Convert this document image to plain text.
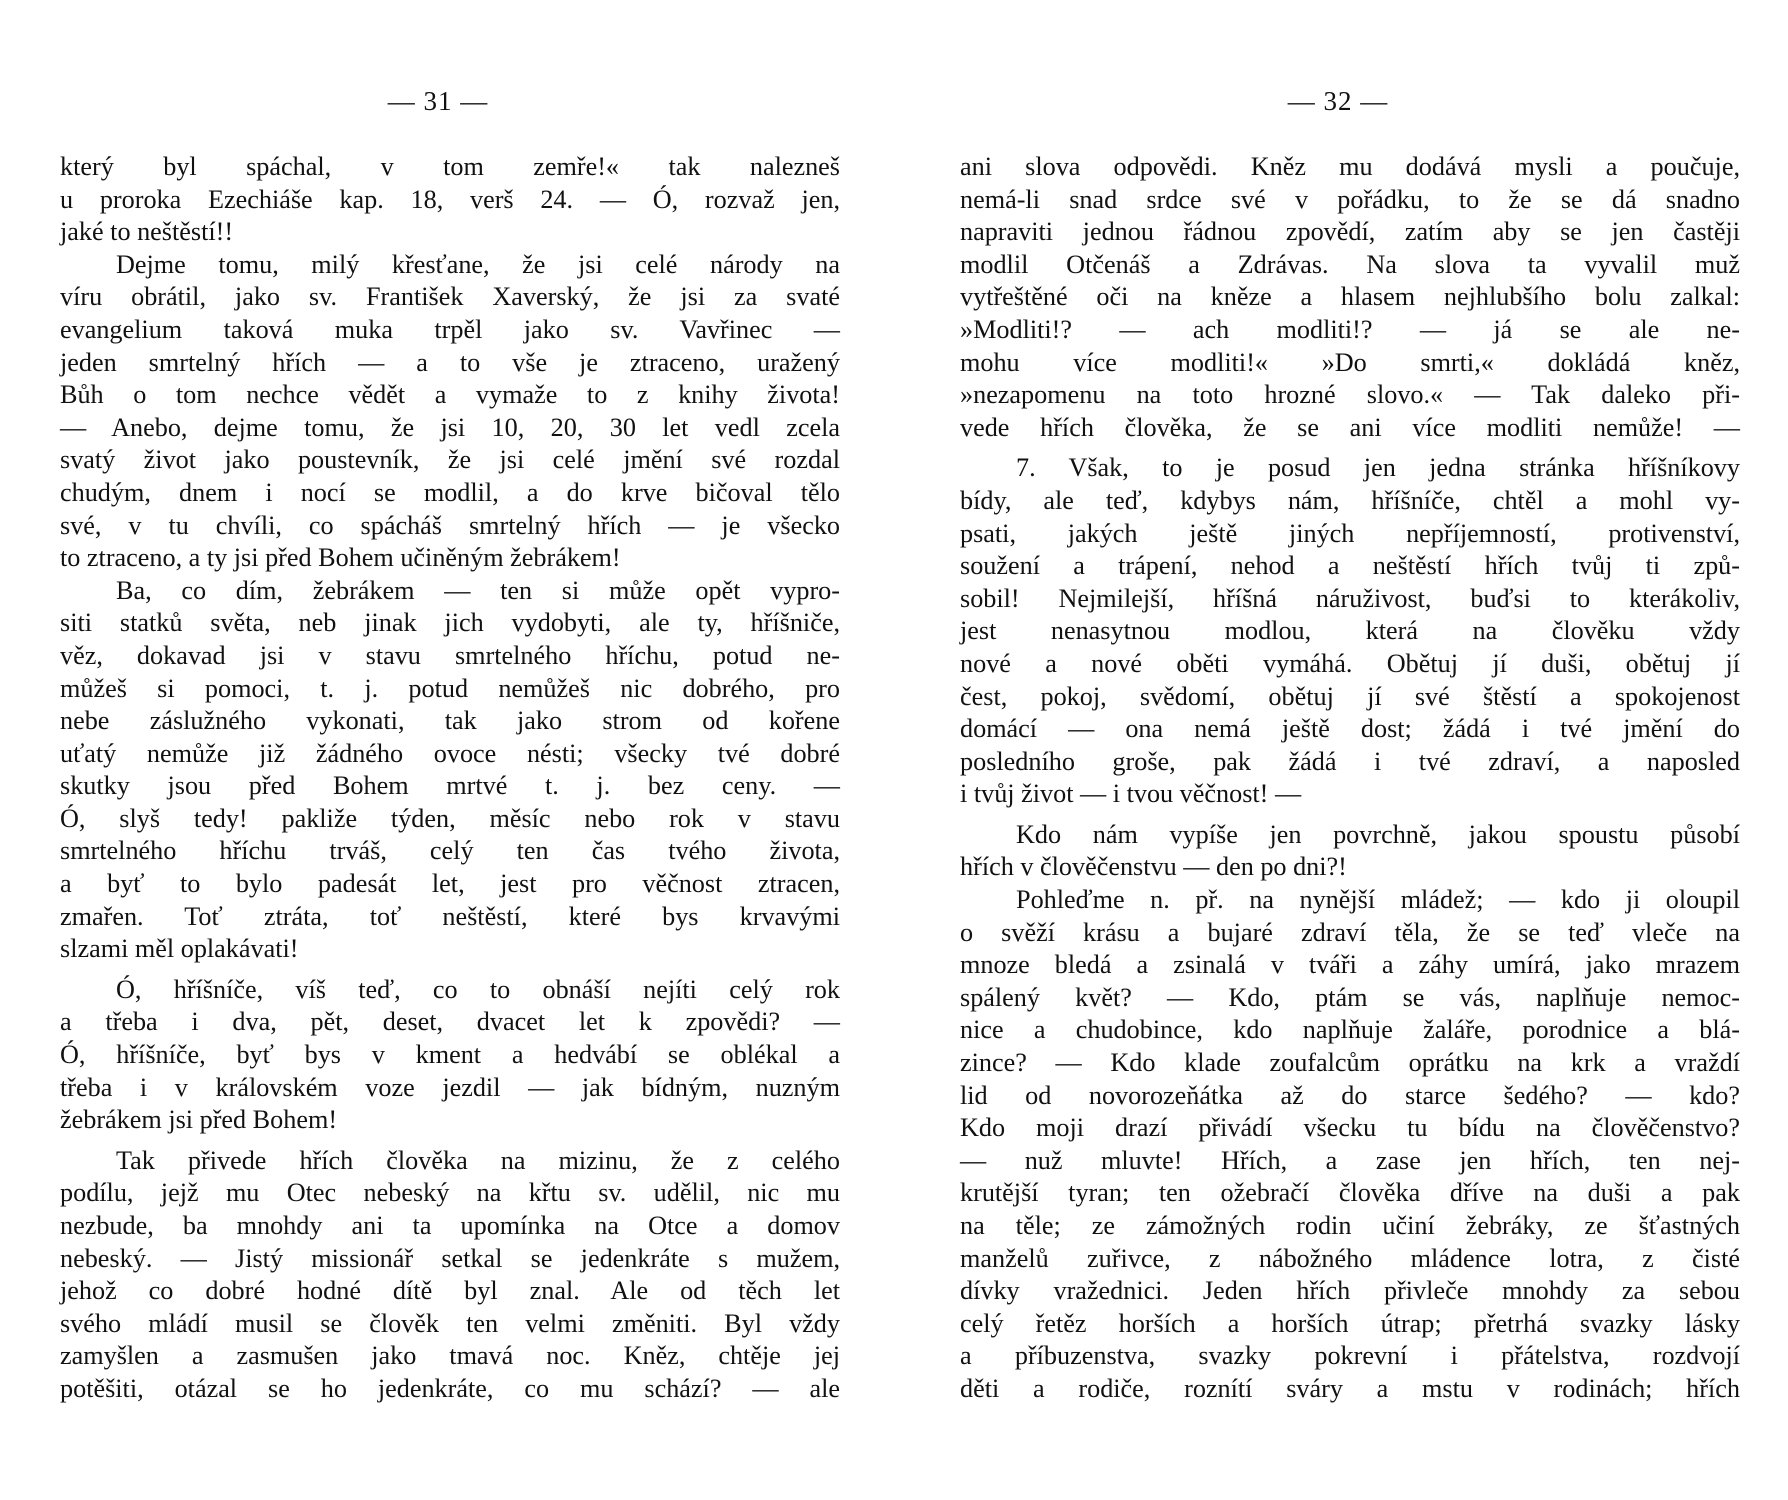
— 31 —
který byl spáchal, v tom zemře!« tak nalezneš
u proroka Ezechiáše kap. 18, verš 24. — Ó, rozvaž jen,
jaké to neštěstí!!
Dejme tomu, milý křesťane, že jsi celé národy na
víru obrátil, jako sv. František Xaverský, že jsi za svaté
evangelium taková muka trpěl jako sv. Vavřinec —
jeden smrtelný hřích — a to vše je ztraceno, uražený
Bůh o tom nechce vědět a vymaže to z knihy života!
— Anebo, dejme tomu, že jsi 10, 20, 30 let vedl zcela
svatý život jako poustevník, že jsi celé jmění své rozdal
chudým, dnem i nocí se modlil, a do krve bičoval tělo
své, v tu chvíli, co spácháš smrtelný hřích — je všecko
to ztraceno, a ty jsi před Bohem učiněným žebrákem!
Ba, co dím, žebrákem — ten si může opět vypro-
siti statků světa, neb jinak jich vydobyti, ale ty, hříšniče,
věz, dokavad jsi v stavu smrtelného hříchu, potud ne-
můžeš si pomoci, t. j. potud nemůžeš nic dobrého, pro
nebe záslužného vykonati, tak jako strom od kořene
uťatý nemůže již žádného ovoce nésti; všecky tvé dobré
skutky jsou před Bohem mrtvé t. j. bez ceny. —
Ó, slyš tedy! pakliže týden, měsíc nebo rok v stavu
smrtelného hříchu trváš, celý ten čas tvého života,
a byť to bylo padesát let, jest pro věčnost ztracen,
zmařen. Toť ztráta, toť neštěstí, které bys krvavými
slzami měl oplakávati!
Ó, hříšníče, víš teď, co to obnáší nejíti celý rok
a třeba i dva, pět, deset, dvacet let k zpovědi? —
Ó, hříšníče, byť bys v kment a hedvábí se oblékal a
třeba i v královském voze jezdil — jak bídným, nuzným
žebrákem jsi před Bohem!
Tak přivede hřích člověka na mizinu, že z celého
podílu, jejž mu Otec nebeský na křtu sv. udělil, nic mu
nezbude, ba mnohdy ani ta upomínka na Otce a domov
nebeský. — Jistý missionář setkal se jedenkráte s mužem,
jehož co dobré hodné dítě byl znal. Ale od těch let
svého mládí musil se člověk ten velmi změniti. Byl vždy
zamyšlen a zasmušen jako tmavá noc. Kněz, chtěje jej
potěšiti, otázal se ho jedenkráte, co mu schází? — ale
— 32 —
ani slova odpovědi. Kněz mu dodává mysli a poučuje,
nemá-li snad srdce své v pořádku, to že se dá snadno
napraviti jednou řádnou zpovědí, zatím aby se jen častěji
modlil Otčenáš a Zdrávas. Na slova ta vyvalil muž
vytřeštěné oči na kněze a hlasem nejhlubšího bolu zalkal:
»Modliti!? — ach modliti!? — já se ale ne-
mohu více modliti!« »Do smrti,« dokládá kněz,
»nezapomenu na toto hrozné slovo.« — Tak daleko při-
vede hřích člověka, že se ani více modliti nemůže! —
7. Však, to je posud jen jedna stránka hříšníkovy
bídy, ale teď, kdybys nám, hříšníče, chtěl a mohl vy-
psati, jakých ještě jiných nepříjemností, protivenství,
soužení a trápení, nehod a neštěstí hřích tvůj ti způ-
sobil! Nejmilejší, hříšná náruživost, buďsi to kterákoliv,
jest nenasytnou modlou, která na člověku vždy
nové a nové oběti vymáhá. Obětuj jí duši, obětuj jí
čest, pokoj, svědomí, obětuj jí své štěstí a spokojenost
domácí — ona nemá ještě dost; žádá i tvé jmění do
posledního groše, pak žádá i tvé zdraví, a naposled
i tvůj život — i tvou věčnost! —
Kdo nám vypíše jen povrchně, jakou spoustu působí
hřích v člověčenstvu — den po dni?!
Pohleďme n. př. na nynější mládež; — kdo ji oloupil
o svěží krásu a bujaré zdraví těla, že se teď vleče na
mnoze bledá a zsinalá v tváři a záhy umírá, jako mrazem
spálený květ? — Kdo, ptám se vás, naplňuje nemoc-
nice a chudobince, kdo naplňuje žaláře, porodnice a blá-
zince? — Kdo klade zoufalcům oprátku na krk a vraždí
lid od novorozeňátka až do starce šedého? — kdo?
Kdo moji drazí přivádí všecku tu bídu na člověčenstvo?
— nuž mluvte! Hřích, a zase jen hřích, ten nej-
krutější tyran; ten ožebračí člověka dříve na duši a pak
na těle; ze zámožných rodin učiní žebráky, ze šťastných
manželů zuřivce, z nábožného mládence lotra, z čisté
dívky vražednici. Jeden hřích přivleče mnohdy za sebou
celý řetěz horších a horších útrap; přetrhá svazky lásky
a příbuzenstva, svazky pokrevní i přátelstva, rozdvojí
děti a rodiče, roznítí sváry a mstu v rodinách; hřích
